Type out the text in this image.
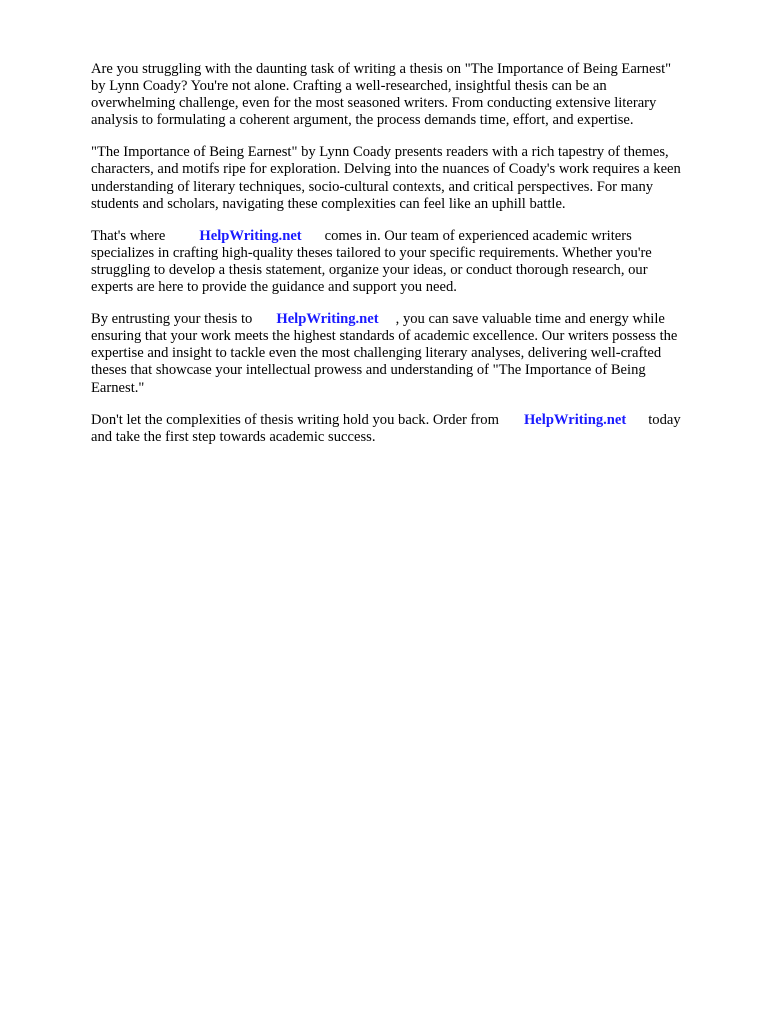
Are you struggling with the daunting task of writing a thesis on "The Importance of Being Earnest"
by Lynn Coady? You're not alone. Crafting a well-researched, insightful thesis can be an
overwhelming challenge, even for the most seasoned writers. From conducting extensive literary
analysis to formulating a coherent argument, the process demands time, effort, and expertise.

"The Importance of Being Earnest" by Lynn Coady presents readers with a rich tapestry of themes,
characters, and motifs ripe for exploration. Delving into the nuances of Coady's work requires a keen
understanding of literary techniques, socio-cultural contexts, and critical perspectives. For many
students and scholars, navigating these complexities can feel like an uphill battle.

That's where HelpWriting.net comes in. Our team of experienced academic writers
specializes in crafting high-quality theses tailored to your specific requirements. Whether you're
struggling to develop a thesis statement, organize your ideas, or conduct thorough research, our
experts are here to provide the guidance and support you need.

By entrusting your thesis to HelpWriting.net , you can save valuable time and energy while
ensuring that your work meets the highest standards of academic excellence. Our writers possess the
expertise and insight to tackle even the most challenging literary analyses, delivering well-crafted
theses that showcase your intellectual prowess and understanding of "The Importance of Being
Earnest."

Don't let the complexities of thesis writing hold you back. Order from HelpWriting.net today
and take the first step towards academic success.
